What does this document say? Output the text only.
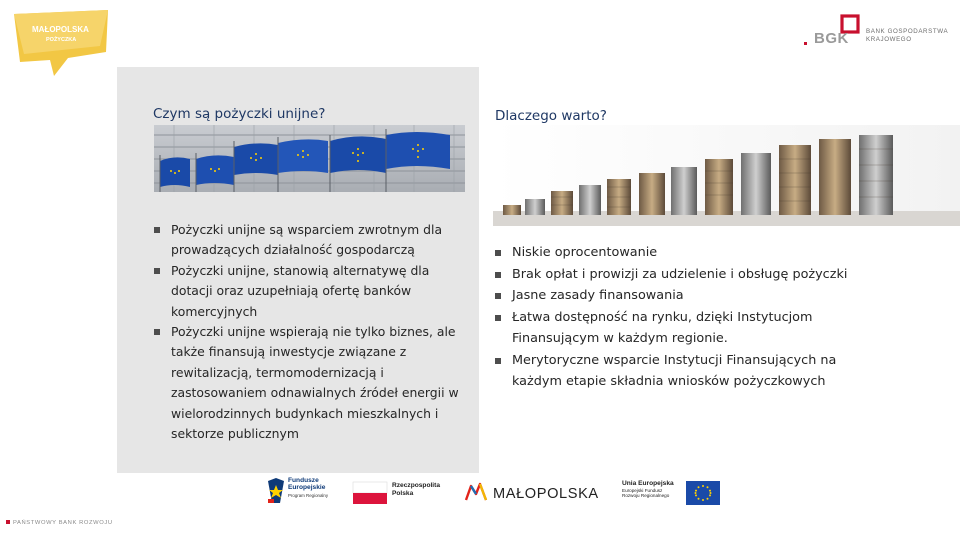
MAŁOPOLSKA
POŻYCZKA	BGK	BANK GOSPODARSTWA
KRAJOWEGO
Czym są pożyczki unijne?
Pożyczki unijne są wsparciem zwrotnym dla prowadzących działalność gospodarczą
Pożyczki unijne, stanowią alternatywę dla dotacji oraz uzupełniają ofertę banków komercyjnych
Pożyczki unijne wspierają nie tylko biznes, ale także finansują inwestycje związane z rewitalizacją, termomodernizacją i zastosowaniem odnawialnych źródeł energii w wielorodzinnych budynkach mieszkalnych i sektorze publicznym
Dlaczego warto?
Niskie oprocentowanie
Brak opłat i prowizji za udzielenie i obsługę pożyczki
Jasne zasady finansowania
Łatwa dostępność na rynku, dzięki Instytucjom Finansującym w każdym regionie.
Merytoryczne wsparcie Instytucji Finansujących na każdym etapie składnia wniosków pożyczkowych
Fundusze
Europejskie
Program Regionalny
Rzeczpospolita
Polska	MAŁOPOLSKA
Unia Europejska
Europejski Fundusz
Rozwoju Regionalnego
PAŃSTWOWY BANK ROZWOJU
